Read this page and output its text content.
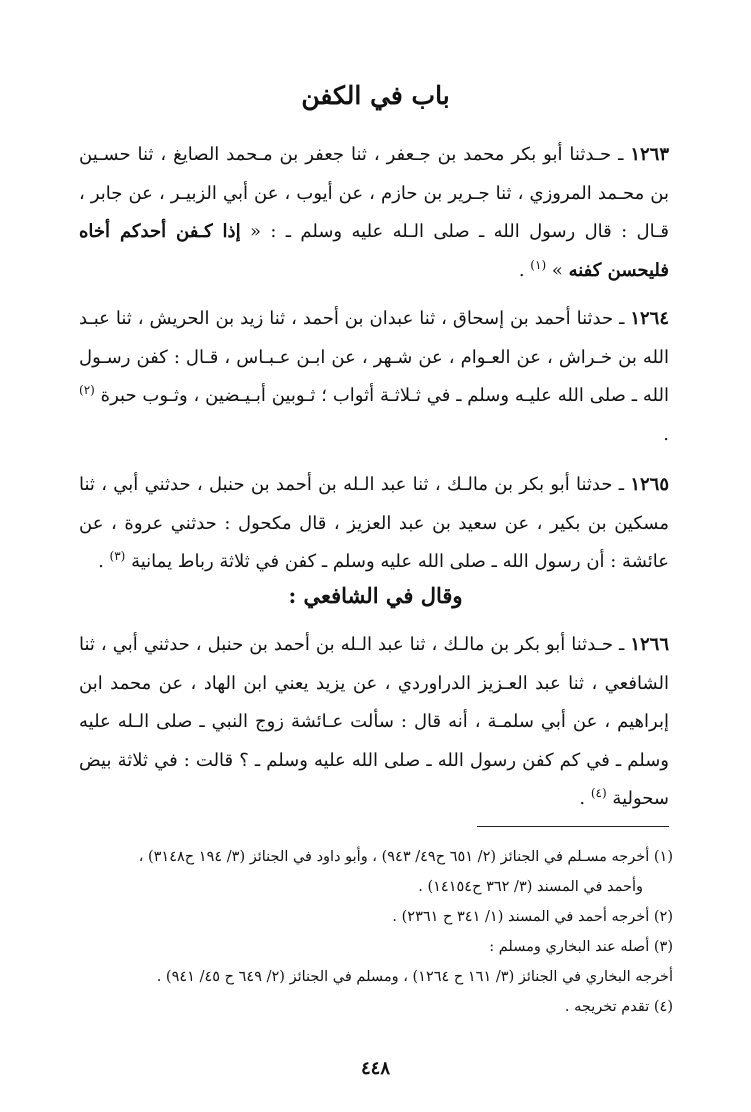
باب في الكفن
١٢٦٣ ـ حـدثنا أبو بكر محمد بن جـعفر ، ثنا جعفر بن مـحمد الصايغ ، ثنا حسـين بن محـمد المروزي ، ثنا جـرير بن حازم ، عن أيوب ، عن أبي الزبيـر ، عن جابر ، قـال : قال رسول الله ـ صلى الـله عليه وسلم ـ : « إذا كـفن أحدكم أخاه فليحسن كفنه » $^{(١)}$ .
١٢٦٤ ـ حدثنا أحمد بن إسحاق ، ثنا عبدان بن أحمد ، ثنا زيد بن الحريش ، ثنا عبـد الله بن خـراش ، عن العـوام ، عن شـهر ، عن ابـن عـبـاس ، قـال : كفن رسـول الله ـ صلى الله عليـه وسلم ـ في ثـلاثـة أثواب ؛ ثـوبين أبـيـضين ، وثـوب حبرة $^{(٢)}$ .
١٢٦٥ ـ حدثنا أبو بكر بن مالـك ، ثنا عبد الـله بن أحمد بن حنبل ، حدثني أبي ، ثنا مسكين بن بكير ، عن سعيد بن عبد العزيز ، قال مكحول : حدثني عروة ، عن عائشة : أن رسول الله ـ صلى الله عليه وسلم ـ كفن في ثلاثة رباط يمانية $^{(٣)}$ .
وقال في الشافعي :
١٢٦٦ ـ حـدثنا أبو بكر بن مالـك ، ثنا عبد الـله بن أحمد بن حنبل ، حدثني أبي ، ثنا الشافعي ، ثنا عبد العـزيز الدراوردي ، عن يزيد يعني ابن الهاد ، عن محمد ابن إبراهيم ، عن أبي سلمـة ، أنه قال : سألت عـائشة زوج النبي ـ صلى الـله عليه وسلم ـ في كم كفن رسول الله ـ صلى الله عليه وسلم ـ ؟ قالت : في ثلاثة بيض سحولية $^{(٤)}$ .

(١) أخرجه مسـلم في الجنائز (٢/ ٦٥١ ح٤٩/ ٩٤٣) ، وأبو داود في الجنائز (٣/ ١٩٤ ح٣١٤٨) ،

وأحمد في المسند (٣/ ٣٦٢ ح١٤١٥٤) .

(٢) أخرجه أحمد في المسند (١/ ٣٤١ ح ٢٣٦١) .

(٣) أصله عند البخاري ومسلم :

أخرجه البخاري في الجنائز (٣/ ١٦١ ح ١٢٦٤) ، ومسلم في الجنائز (٢/ ٦٤٩ ح ٤٥/ ٩٤١) .

(٤) تقدم تخريجه .

٤٤٨
